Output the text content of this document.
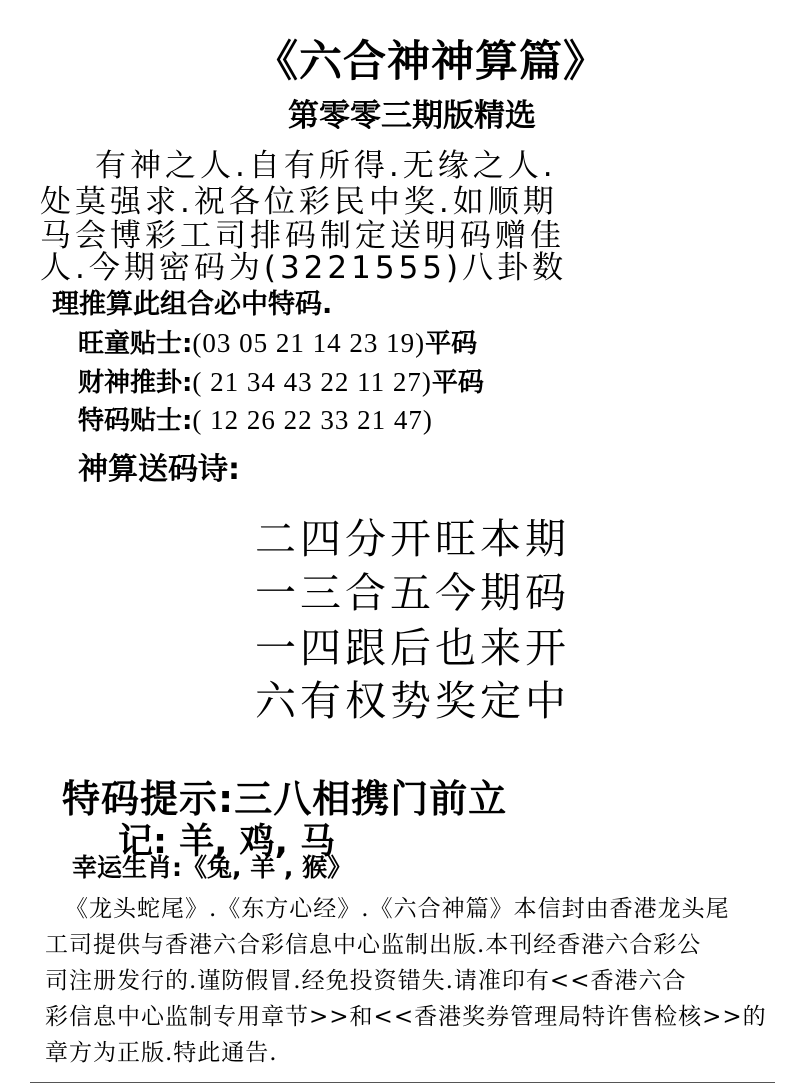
《六合神神算篇》
第零零三期版精选
有神之人.自有所得.无缘之人.
处莫强求.祝各位彩民中奖.如顺期
马会博彩工司排码制定送明码赠佳
人.今期密码为(3221555)八卦数
理推算此组合必中特码.
旺童贴士:(03 05 21 14 23 19)平码
财神推卦:( 21 34 43 22 11 27)平码
特码贴士:( 12 26 22 33 21 47)
神算送码诗:
二四分开旺本期
一三合五今期码
一四跟后也来开
六有权势奖定中
特码提示:三八相携门前立
记: 羊, 鸡, 马
幸运生肖:《兔, 羊 , 猴》
《龙头蛇尾》.《东方心经》.《六合神篇》本信封由香港龙头尾
工司提供与香港六合彩信息中心监制出版.本刊经香港六合彩公
司注册发行的.谨防假冒.经免投资错失.请准印有<<香港六合
彩信息中心监制专用章节>>和<<香港奖券管理局特许售检核>>的
章方为正版.特此通告.
